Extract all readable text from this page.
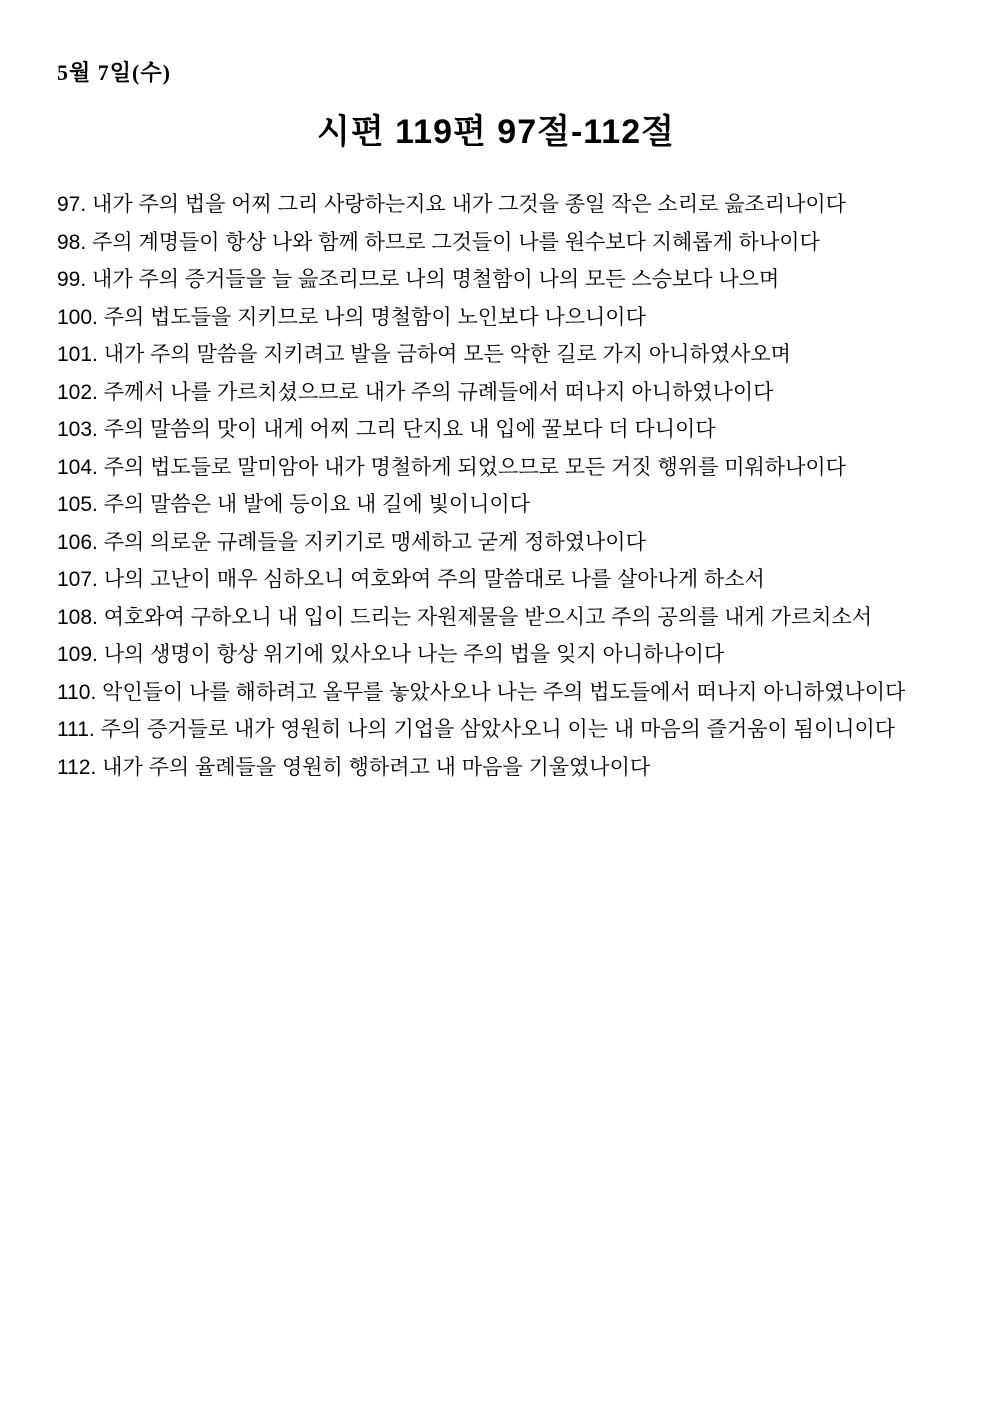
5월 7일(수)
시편 119편 97절-112절

97. 내가 주의 법을 어찌 그리 사랑하는지요 내가 그것을 종일 작은 소리로 읊조리나이다

98. 주의 계명들이 항상 나와 함께 하므로 그것들이 나를 원수보다 지혜롭게 하나이다

99. 내가 주의 증거들을 늘 읊조리므로 나의 명철함이 나의 모든 스승보다 나으며

100. 주의 법도들을 지키므로 나의 명철함이 노인보다 나으니이다

101. 내가 주의 말씀을 지키려고 발을 금하여 모든 악한 길로 가지 아니하였사오며

102. 주께서 나를 가르치셨으므로 내가 주의 규례들에서 떠나지 아니하였나이다

103. 주의 말씀의 맛이 내게 어찌 그리 단지요 내 입에 꿀보다 더 다니이다

104. 주의 법도들로 말미암아 내가 명철하게 되었으므로 모든 거짓 행위를 미워하나이다

105. 주의 말씀은 내 발에 등이요 내 길에 빛이니이다

106. 주의 의로운 규례들을 지키기로 맹세하고 굳게 정하였나이다

107. 나의 고난이 매우 심하오니 여호와여 주의 말씀대로 나를 살아나게 하소서

108. 여호와여 구하오니 내 입이 드리는 자원제물을 받으시고 주의 공의를 내게 가르치소서

109. 나의 생명이 항상 위기에 있사오나 나는 주의 법을 잊지 아니하나이다

110. 악인들이 나를 해하려고 올무를 놓았사오나 나는 주의 법도들에서 떠나지 아니하였나이다

111. 주의 증거들로 내가 영원히 나의 기업을 삼았사오니 이는 내 마음의 즐거움이 됨이니이다

112. 내가 주의 율례들을 영원히 행하려고 내 마음을 기울였나이다
